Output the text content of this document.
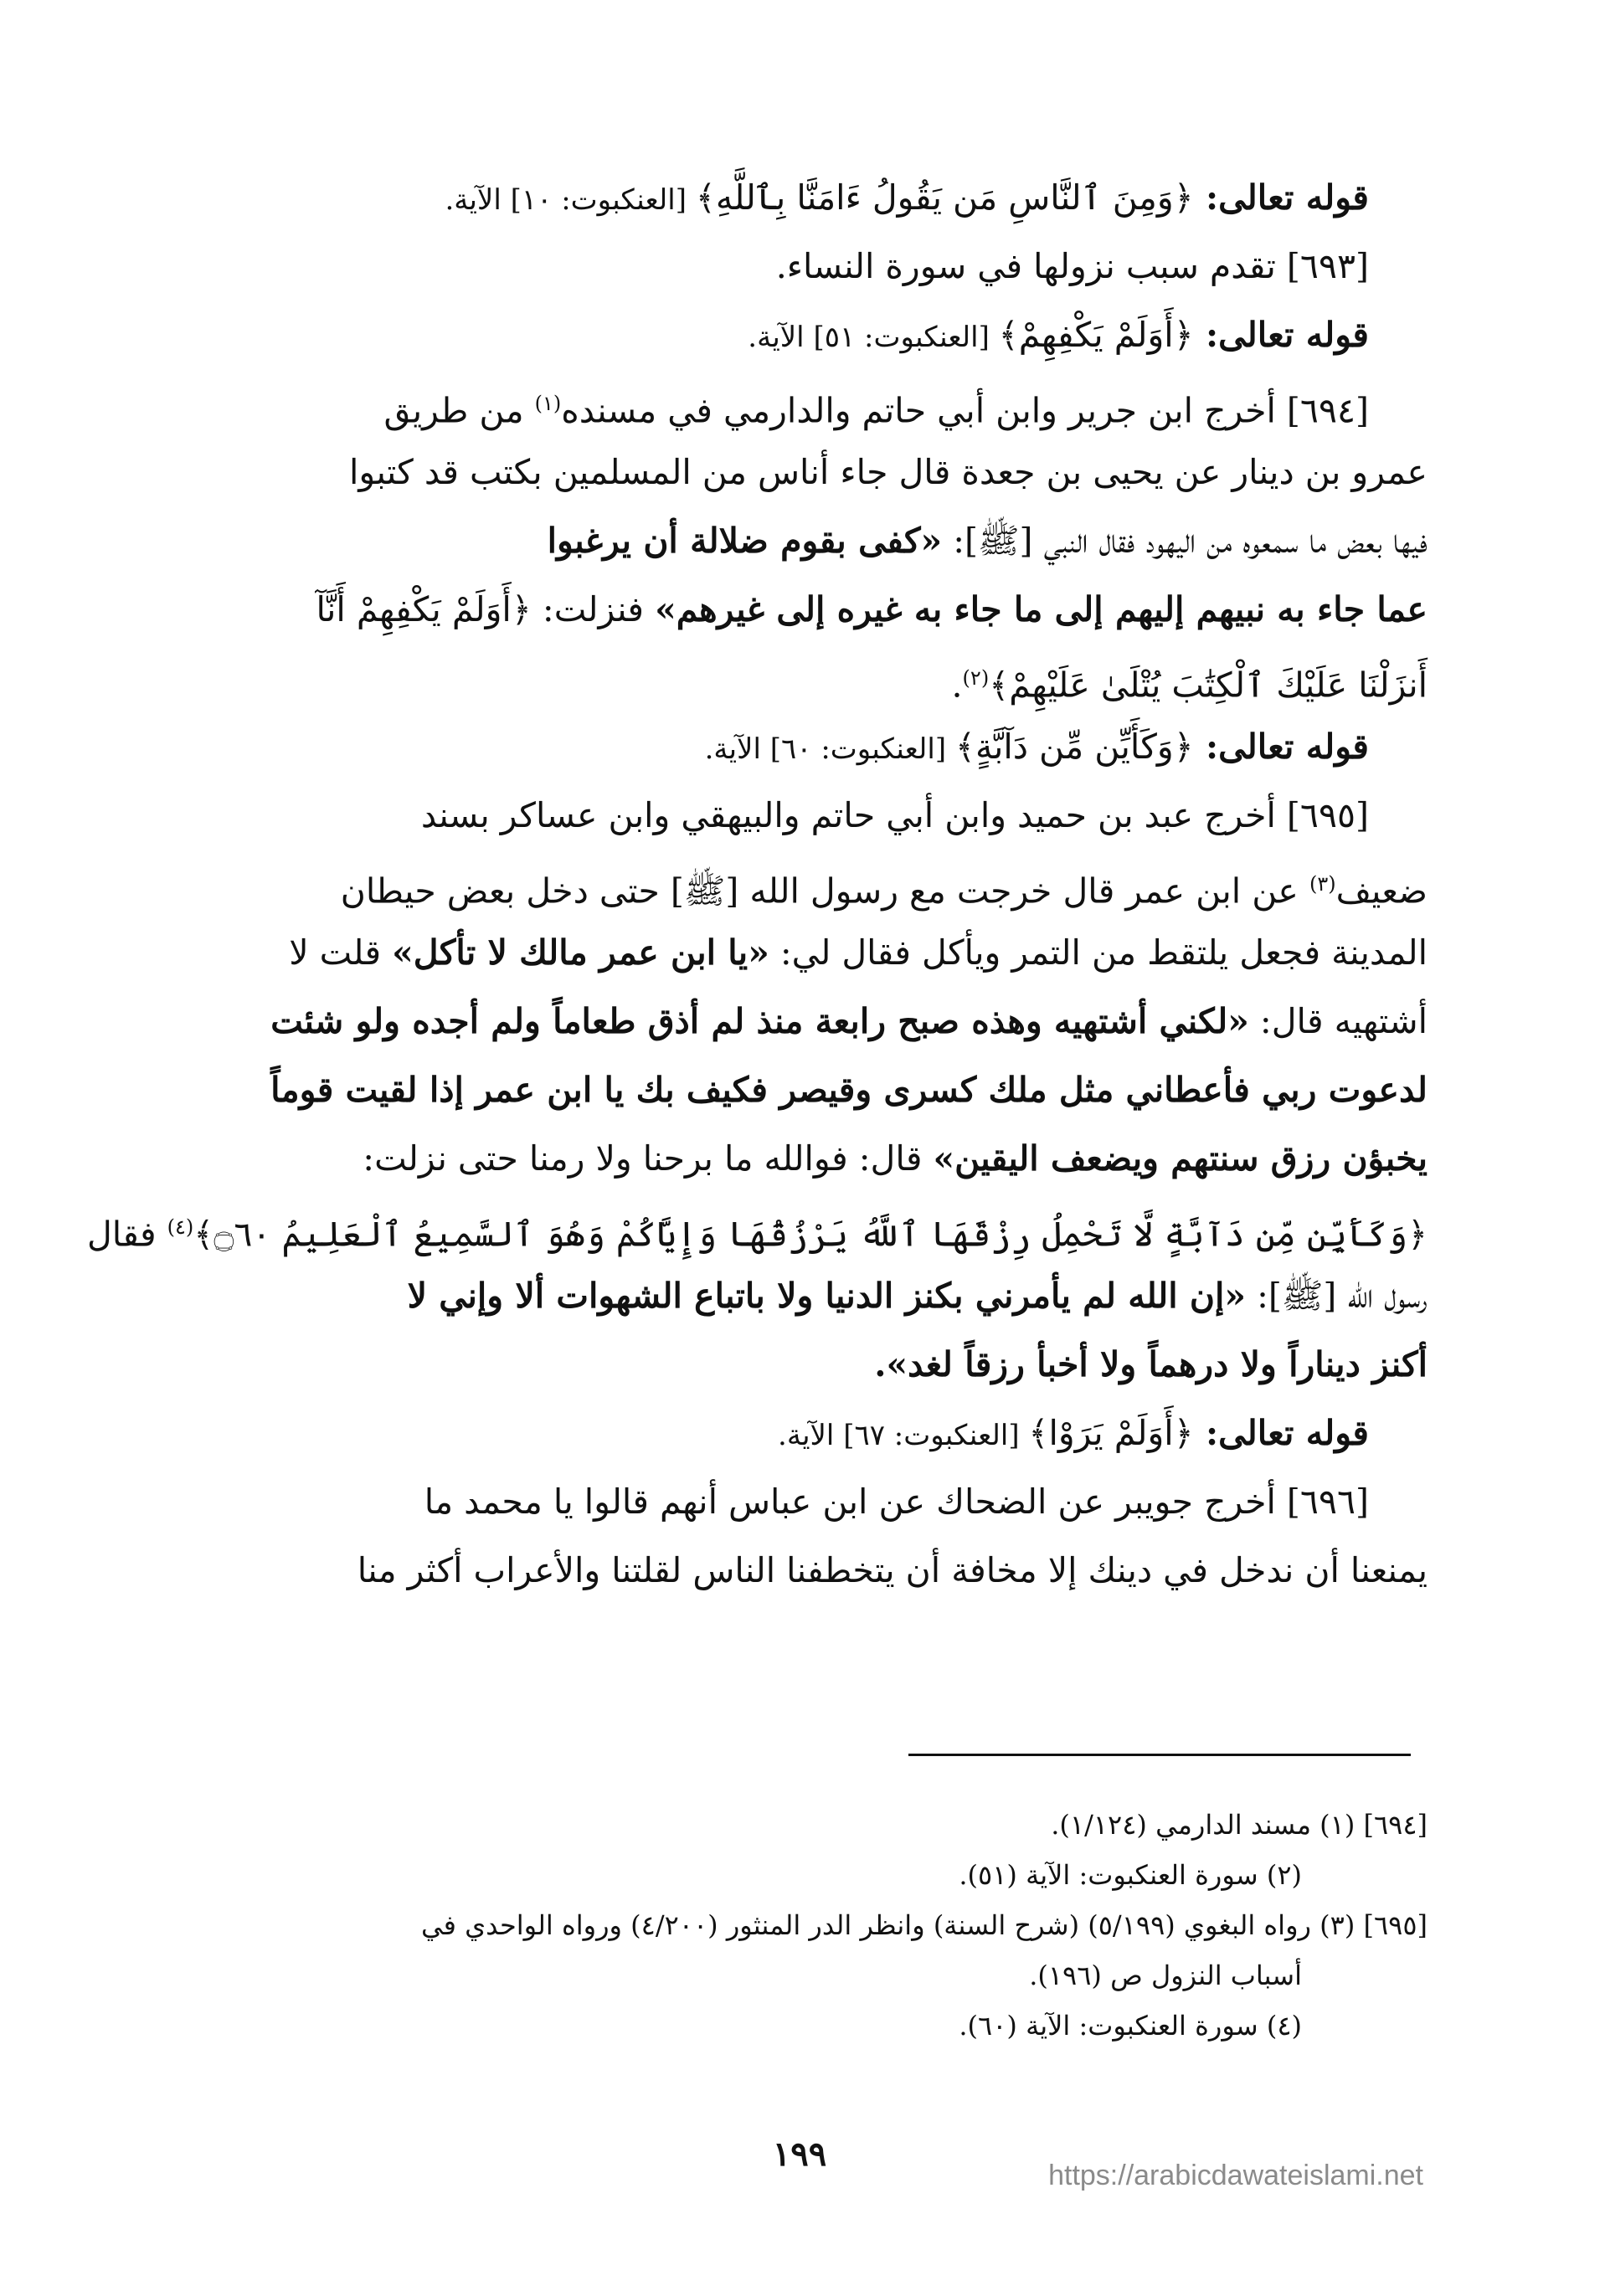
قوله تعالى: ﴿وَمِنَ ٱلنَّاسِ مَن يَقُولُ ءَامَنَّا بِٱللَّهِ﴾ [العنكبوت: ١٠] الآية.
[٦٩٣] تقدم سبب نزولها في سورة النساء.
قوله تعالى: ﴿أَوَلَمْ يَكْفِهِمْ﴾ [العنكبوت: ٥١] الآية.
[٦٩٤] أخرج ابن جرير وابن أبي حاتم والدارمي في مسنده$^{(١)}$ من طريق
عمرو بن دينار عن يحيى بن جعدة قال جاء أناس من المسلمين بكتب قد كتبوا
فيها بعض ما سمعوه من اليهود فقال النبي [ﷺ]: «كفى بقوم ضلالة أن يرغبوا
عما جاء به نبيهم إليهم إلى ما جاء به غيره إلى غيرهم» فنزلت: ﴿أَوَلَمْ يَكْفِهِمْ أَنَّآ
أَنزَلْنَا عَلَيْكَ ٱلْكِتَٰبَ يُتْلَىٰ عَلَيْهِمْ﴾$^{(٢)}$.
قوله تعالى: ﴿وَكَأَيِّن مِّن دَآبَّةٍ﴾ [العنكبوت: ٦٠] الآية.
[٦٩٥] أخرج عبد بن حميد وابن أبي حاتم والبيهقي وابن عساكر بسند
ضعيف$^{(٣)}$ عن ابن عمر قال خرجت مع رسول الله [ﷺ] حتى دخل بعض حيطان
المدينة فجعل يلتقط من التمر ويأكل فقال لي: «يا ابن عمر مالك لا تأكل» قلت لا
أشتهيه قال: «لكني أشتهيه وهذه صبح رابعة منذ لم أذق طعاماً ولم أجده ولو شئت
لدعوت ربي فأعطاني مثل ملك كسرى وقيصر فكيف بك يا ابن عمر إذا لقيت قوماً
يخبؤن رزق سنتهم ويضعف اليقين» قال: فوالله ما برحنا ولا رمنا حتى نزلت:
﴿وَكَأَيِّن مِّن دَآبَّةٍ لَّا تَحْمِلُ رِزْقَهَا ٱللَّهُ يَرْزُقُهَا وَإِيَّاكُمْ وَهُوَ ٱلسَّمِيعُ ٱلْعَلِيمُ ۝٦٠﴾$^{(٤)}$ فقال
رسول الله [ﷺ]: «إن الله لم يأمرني بكنز الدنيا ولا باتباع الشهوات ألا وإني لا
أكنز ديناراً ولا درهماً ولا أخبأ رزقاً لغد».
قوله تعالى: ﴿أَوَلَمْ يَرَوْا﴾ [العنكبوت: ٦٧] الآية.
[٦٩٦] أخرج جويبر عن الضحاك عن ابن عباس أنهم قالوا يا محمد ما
يمنعنا أن ندخل في دينك إلا مخافة أن يتخطفنا الناس لقلتنا والأعراب أكثر منا
[٦٩٤] (١) مسند الدارمي (١/١٢٤).
(٢) سورة العنكبوت: الآية (٥١).
[٦٩٥] (٣) رواه البغوي (٥/١٩٩) (شرح السنة) وانظر الدر المنثور (٤/٢٠٠) ورواه الواحدي في
أسباب النزول ص (١٩٦).
(٤) سورة العنكبوت: الآية (٦٠).
١٩٩
https://arabicdawateislami.net
